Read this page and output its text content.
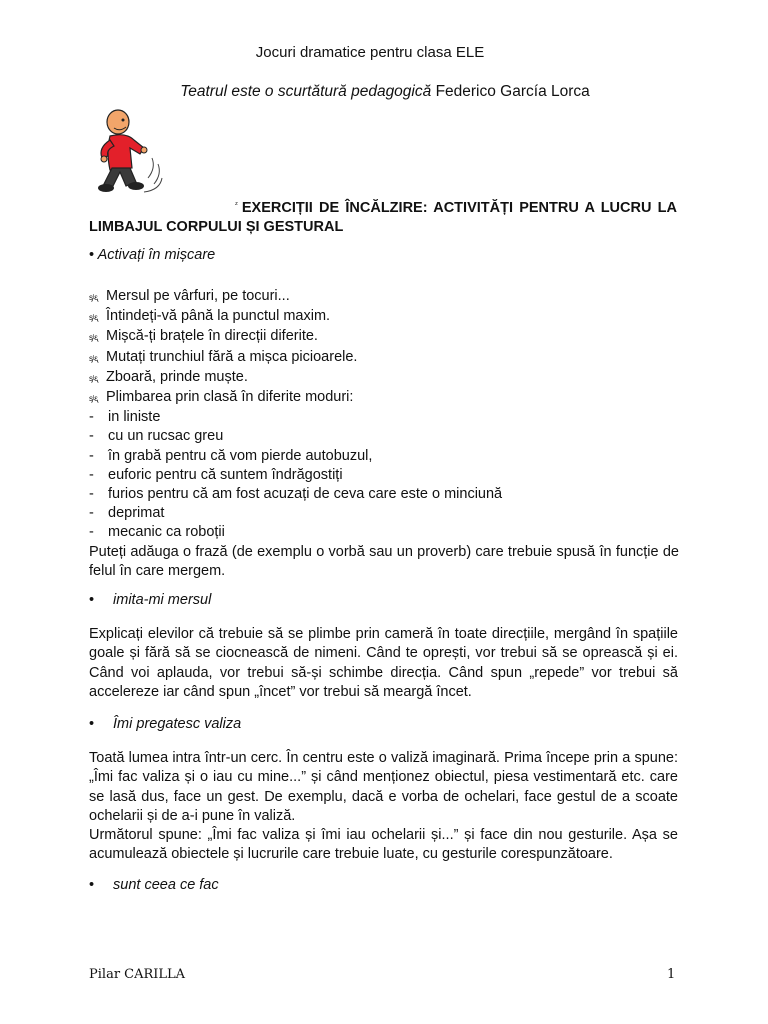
Jocuri dramatice pentru clasa ELE
Teatrul este o scurtătură pedagogică Federico García Lorca
$^ᶻ$ EXERCIȚII DE ÎNCĂLZIRE: ACTIVITĂȚI PENTRU A LUCRU LA LIMBAJUL CORPULUI ȘI GESTURAL
• Activați în mișcare
ᶊᶩᶓ Mersul pe vârfuri, pe tocuri...
ᶊᶩᶓ Întindeți-vă până la punctul maxim.
ᶊᶩᶓ Mișcă-ți brațele în direcții diferite.
ᶊᶩᶓ Mutați trunchiul fără a mișca picioarele.
ᶊᶩᶓ Zboară, prinde muște.
ᶊᶩᶓ Plimbarea prin clasă în diferite moduri:
- in liniste
- cu un rucsac greu
- în grabă pentru că vom pierde autobuzul,
- euforic pentru că suntem îndrăgostiți
- furios pentru că am fost acuzați de ceva care este o minciună
- deprimat
- mecanic ca roboții
Puteți adăuga o frază (de exemplu o vorbă sau un proverb) care trebuie spusă în funcție de felul în care mergem.
• imita-mi mersul
Explicați elevilor că trebuie să se plimbe prin cameră în toate direcțiile, mergând în spațiile goale și fără să se ciocnească de nimeni. Când te oprești, vor trebui să se oprească și ei. Când voi aplauda, vor trebui să-și schimbe direcția. Când spun „repede” vor trebui să accelereze iar când spun „încet” vor trebui să meargă încet.
• Îmi pregatesc valiza
Toată lumea intra într-un cerc. În centru este o valiză imaginară. Prima începe prin a spune: „Îmi fac valiza și o iau cu mine...” și când menționez obiectul, piesa vestimentară etc. care se lasă dus, face un gest. De exemplu, dacă e vorba de ochelari, face gestul de a scoate ochelarii și de a-i pune în valiză.
Următorul spune: „Îmi fac valiza și îmi iau ochelarii și...” și face din nou gesturile. Așa se acumulează obiectele și lucrurile care trebuie luate, cu gesturile corespunzătoare.
• sunt ceea ce fac
Pilar CARILLA	1
